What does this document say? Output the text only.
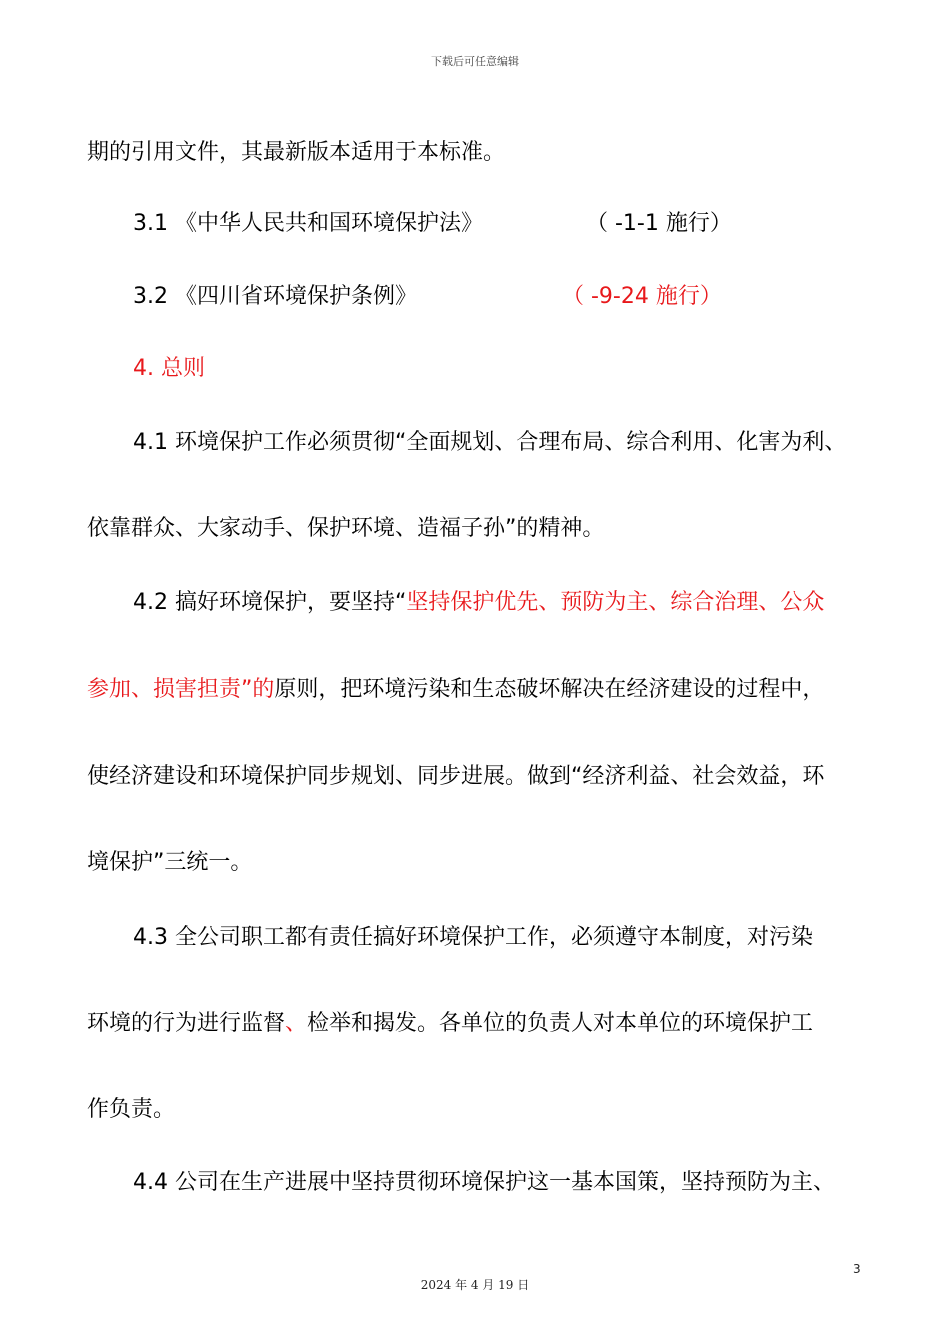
下载后可任意编辑
期的引用文件，其最新版本适用于本标准。
3.1 《中华人民共和国环境保护法》	（ -1-1 施行）
3.2 《四川省环境保护条例》	（ -9-24 施行）
4. 总则
4.1 环境保护工作必须贯彻“全面规划、合理布局、综合利用、化害为利、
依靠群众、大家动手、保护环境、造福子孙”的精神。
4.2 搞好环境保护，要坚持“坚持保护优先、预防为主、综合治理、公众
参加、损害担责”的原则，把环境污染和生态破坏解决在经济建设的过程中，
使经济建设和环境保护同步规划、同步进展。做到“经济利益、社会效益，环
境保护”三统一。
4.3 全公司职工都有责任搞好环境保护工作，必须遵守本制度，对污染
环境的行为进行监督、检举和揭发。各单位的负责人对本单位的环境保护工
作负责。
4.4 公司在生产进展中坚持贯彻环境保护这一基本国策，坚持预防为主、
3
2024 年 4 月 19 日
